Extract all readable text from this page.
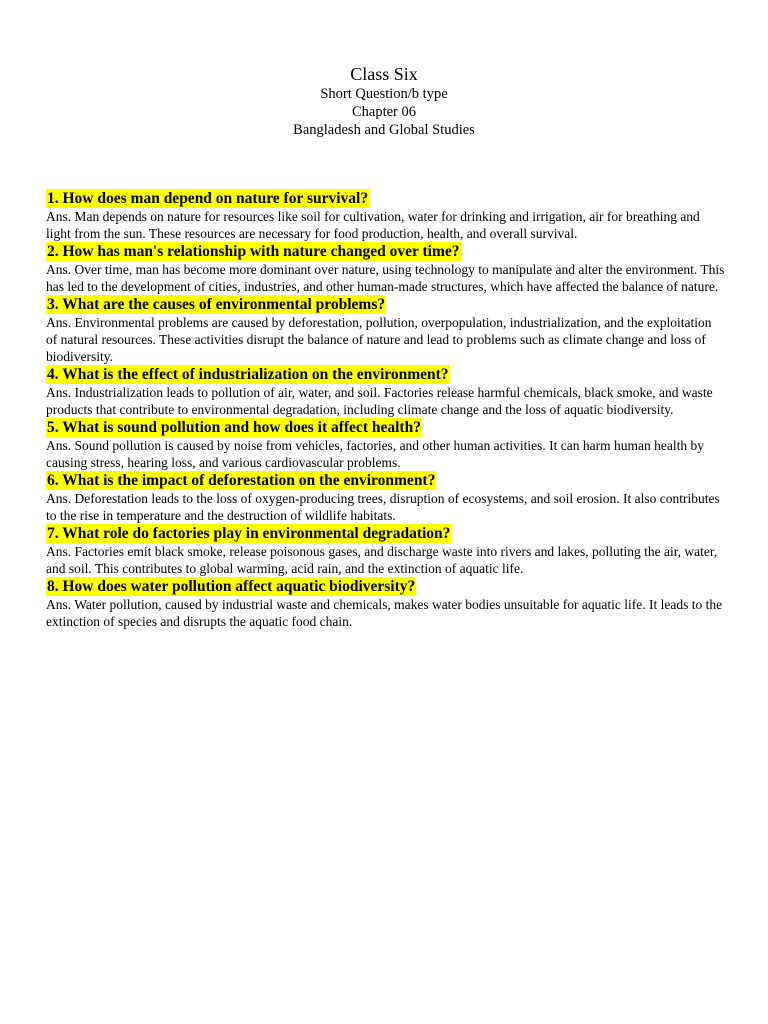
Class Six

Short Question/b type

Chapter 06

Bangladesh and Global Studies

1. How does man depend on nature for survival?

Ans. Man depends on nature for resources like soil for cultivation, water for drinking and irrigation, air for breathing and light from the sun. These resources are necessary for food production, health, and overall survival.

2. How has man's relationship with nature changed over time?

Ans. Over time, man has become more dominant over nature, using technology to manipulate and alter the environment. This has led to the development of cities, industries, and other human-made structures, which have affected the balance of nature.

3. What are the causes of environmental problems?

Ans. Environmental problems are caused by deforestation, pollution, overpopulation, industrialization, and the exploitation of natural resources. These activities disrupt the balance of nature and lead to problems such as climate change and loss of biodiversity.

4. What is the effect of industrialization on the environment?

Ans. Industrialization leads to pollution of air, water, and soil. Factories release harmful chemicals, black smoke, and waste products that contribute to environmental degradation, including climate change and the loss of aquatic biodiversity.

5. What is sound pollution and how does it affect health?

Ans. Sound pollution is caused by noise from vehicles, factories, and other human activities. It can harm human health by causing stress, hearing loss, and various cardiovascular problems.

6. What is the impact of deforestation on the environment?

Ans. Deforestation leads to the loss of oxygen-producing trees, disruption of ecosystems, and soil erosion. It also contributes to the rise in temperature and the destruction of wildlife habitats.

7. What role do factories play in environmental degradation?

Ans. Factories emit black smoke, release poisonous gases, and discharge waste into rivers and lakes, polluting the air, water, and soil. This contributes to global warming, acid rain, and the extinction of aquatic life.

8. How does water pollution affect aquatic biodiversity?

Ans. Water pollution, caused by industrial waste and chemicals, makes water bodies unsuitable for aquatic life. It leads to the extinction of species and disrupts the aquatic food chain.
